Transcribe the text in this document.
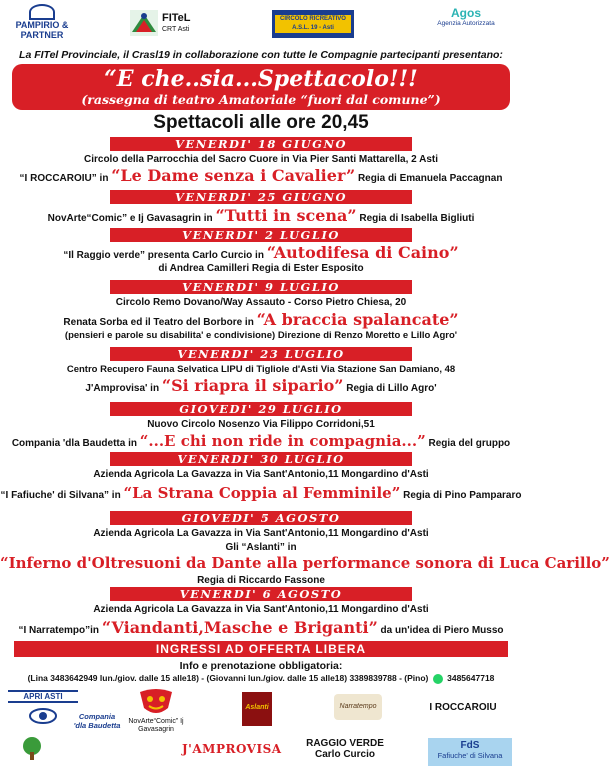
PAMPIRIO & PARTNER
FITeL
CRT Asti
CIRCOLO RICREATIVO A.S.L. 19 - Asti
Agos
Agenzia Autorizzata
La FITel Provinciale, il Crasl19 in collaborazione con tutte le Compagnie partecipanti presentano:
“E che..sia...Spettacolo!!!
(rassegna di teatro Amatoriale “fuori dal comune”)
Spettacoli alle ore 20,45
VENERDI' 18 GIUGNO
Circolo della Parrocchia del Sacro Cuore in Via Pier Santi Mattarella, 2 Asti
“I ROCCAROIU” in “Le Dame senza i Cavalier” Regia di Emanuela Paccagnan
VENERDI' 25 GIUGNO
NovArte“Comic” e Ij Gavasagrin in “Tutti in scena” Regia di Isabella Bigliuti
VENERDI' 2 LUGLIO
“Il Raggio verde” presenta Carlo Curcio in “Autodifesa di Caino”
di Andrea Camilleri Regia di Ester Esposito
VENERDI' 9 LUGLIO
Circolo Remo Dovano/Way Assauto - Corso Pietro Chiesa, 20
Renata Sorba ed il Teatro del Borbore in “A braccia spalancate”
(pensieri e parole su disabilita' e condivisione) Direzione di Renzo Moretto e Lillo Agro'
VENERDI' 23 LUGLIO
Centro Recupero Fauna Selvatica LIPU di Tigliole d'Asti Via Stazione San Damiano, 48
J'Amprovisa' in “Si riapra il sipario” Regia di Lillo Agro'
GIOVEDI' 29 LUGLIO
Nuovo Circolo Nosenzo Via Filippo Corridoni,51
Compania 'dla Baudetta in “...E chi non ride in compagnia...” Regia del gruppo
VENERDI' 30 LUGLIO
Azienda Agricola La Gavazza in Via Sant'Antonio,11 Mongardino d'Asti
“I Fafiuche' di Silvana” in “La Strana Coppia al Femminile” Regia di Pino Pampararo
GIOVEDI' 5 AGOSTO
Azienda Agricola La Gavazza in Via Sant'Antonio,11 Mongardino d'Asti
Gli “Aslanti” in
“Inferno d'Oltresuoni da Dante alla performance sonora di Luca Carillo”
Regia di Riccardo Fassone
VENERDI' 6 AGOSTO
Azienda Agricola La Gavazza in Via Sant'Antonio,11 Mongardino d'Asti
“I Narratempo”in “Viandanti,Masche e Briganti” da un'idea di Piero Musso
INGRESSI AD OFFERTA LIBERA
Info e prenotazione obbligatoria:
(Lina 3483642949 lun./giov. dalle 15 alle18) - (Giovanni lun./giov. dalle 15 alle18) 3389839788 - (Pino) 3485647718
APRI ASTI
Compania 'dla Baudetta	NovArte“Comic” Ij Gavasagrin
J'AMPROVISA
Aslanti	Narratempo
RAGGIO VERDE
Carlo Curcio
I ROCCAROIU
FdS
Fafiuche' di Silvana
